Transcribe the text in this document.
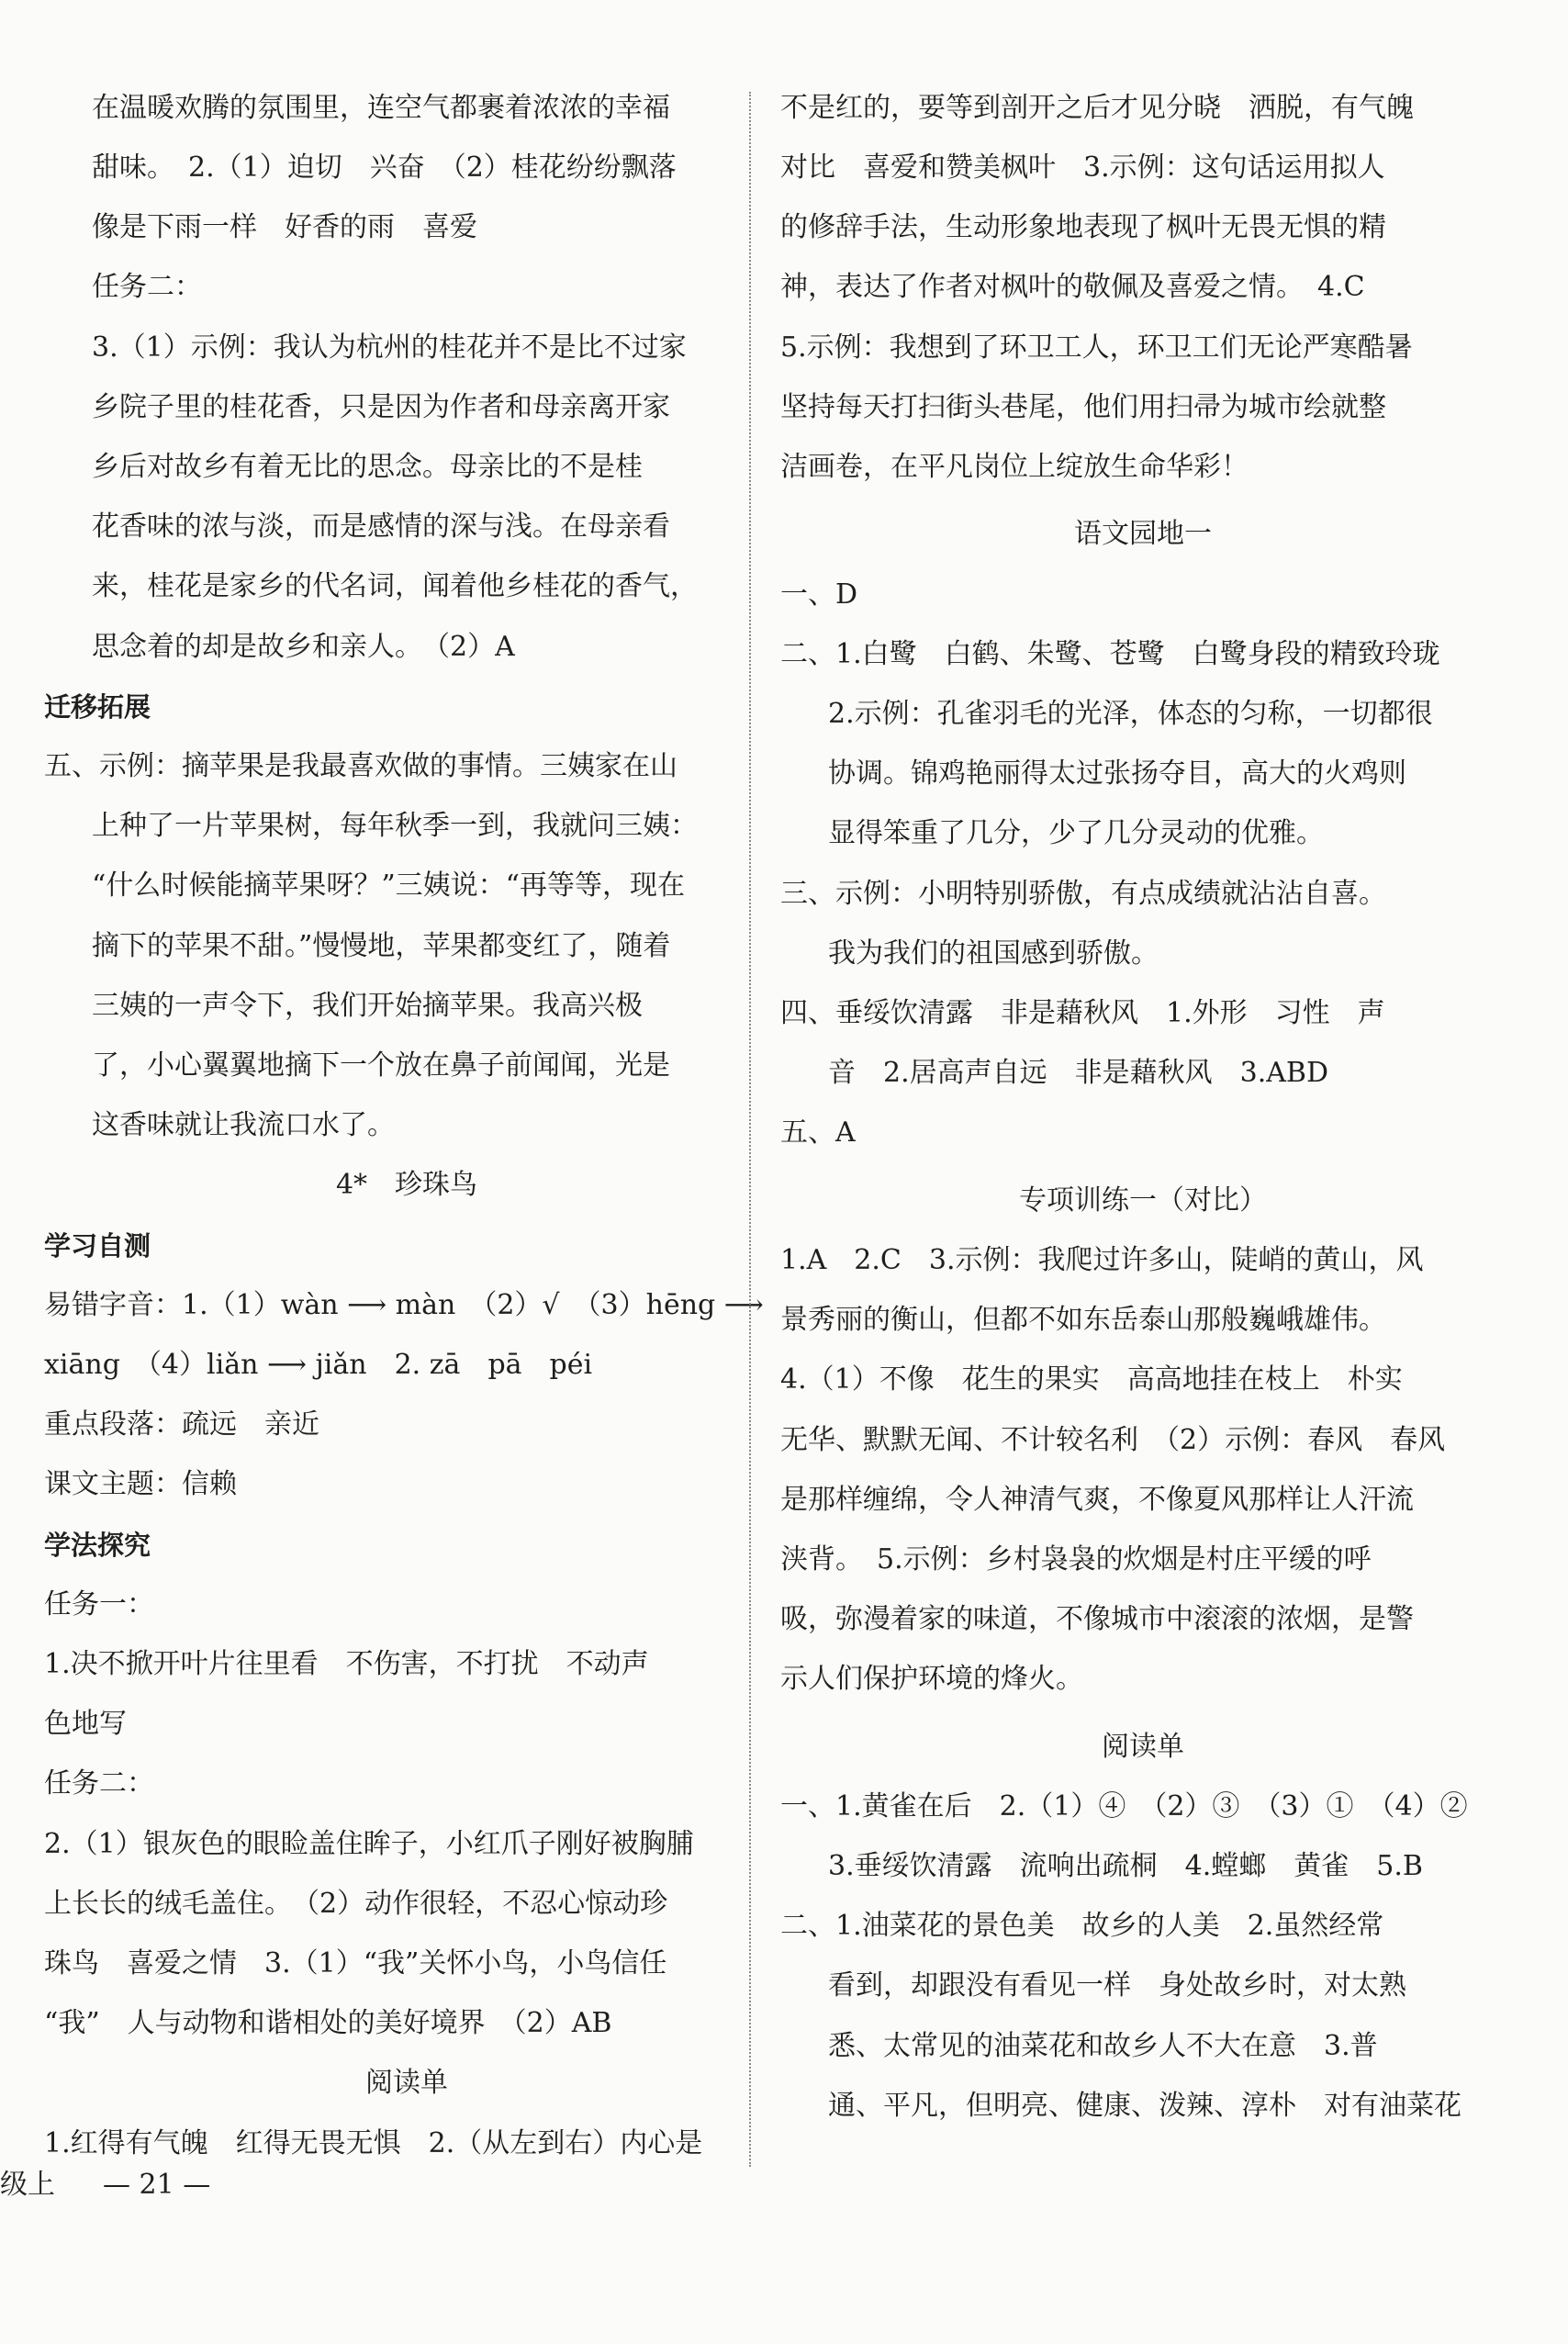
在温暖欢腾的氛围里，连空气都裹着浓浓的幸福
甜味。　2.（1）迫切　兴奋　（2）桂花纷纷飘落
像是下雨一样　好香的雨　喜爱
任务二：
3.（1）示例：我认为杭州的桂花并不是比不过家
乡院子里的桂花香，只是因为作者和母亲离开家
乡后对故乡有着无比的思念。母亲比的不是桂
花香味的浓与淡，而是感情的深与浅。在母亲看
来，桂花是家乡的代名词，闻着他乡桂花的香气，
思念着的却是故乡和亲人。　（2）A
迁移拓展
五、示例：摘苹果是我最喜欢做的事情。三姨家在山
上种了一片苹果树，每年秋季一到，我就问三姨：
“什么时候能摘苹果呀？”三姨说：“再等等，现在
摘下的苹果不甜。”慢慢地，苹果都变红了，随着
三姨的一声令下，我们开始摘苹果。我高兴极
了，小心翼翼地摘下一个放在鼻子前闻闻，光是
这香味就让我流口水了。
4*　珍珠鸟
学习自测
易错字音：1.（1）wàn ⟶ màn　（2）√　（3）hēng ⟶
xiāng　（4）liǎn ⟶ jiǎn　2. zā　pā　péi
重点段落：疏远　亲近
课文主题：信赖
学法探究
任务一：
1.决不掀开叶片往里看　不伤害，不打扰　不动声
色地写
任务二：
2.（1）银灰色的眼睑盖住眸子，小红爪子刚好被胸脯
上长长的绒毛盖住。　（2）动作很轻，不忍心惊动珍
珠鸟　喜爱之情　3.（1）“我”关怀小鸟，小鸟信任
“我”　人与动物和谐相处的美好境界　（2）AB
阅读单
1.红得有气魄　红得无畏无惧　2.（从左到右）内心是
不是红的，要等到剖开之后才见分晓　洒脱，有气魄
对比　喜爱和赞美枫叶　3.示例：这句话运用拟人
的修辞手法，生动形象地表现了枫叶无畏无惧的精
神，表达了作者对枫叶的敬佩及喜爱之情。　4.C
5.示例：我想到了环卫工人，环卫工们无论严寒酷暑
坚持每天打扫街头巷尾，他们用扫帚为城市绘就整
洁画卷，在平凡岗位上绽放生命华彩！
语文园地一
一、D
二、1.白鹭　白鹤、朱鹭、苍鹭　白鹭身段的精致玲珑
2.示例：孔雀羽毛的光泽，体态的匀称，一切都很
协调。锦鸡艳丽得太过张扬夺目，高大的火鸡则
显得笨重了几分，少了几分灵动的优雅。
三、示例：小明特别骄傲，有点成绩就沾沾自喜。
我为我们的祖国感到骄傲。
四、垂绥饮清露　非是藉秋风　1.外形　习性　声
音　2.居高声自远　非是藉秋风　3.ABD
五、A
专项训练一（对比）
1.A　2.C　3.示例：我爬过许多山，陡峭的黄山，风
景秀丽的衡山，但都不如东岳泰山那般巍峨雄伟。
4.（1）不像　花生的果实　高高地挂在枝上　朴实
无华、默默无闻、不计较名利　（2）示例：春风　春风
是那样缠绵，令人神清气爽，不像夏风那样让人汗流
浃背。　5.示例：乡村袅袅的炊烟是村庄平缓的呼
吸，弥漫着家的味道，不像城市中滚滚的浓烟，是警
示人们保护环境的烽火。
阅读单
一、1.黄雀在后　2.（1）④　（2）③　（3）①　（4）②
3.垂绥饮清露　流响出疏桐　4.螳螂　黄雀　5.B
二、1.油菜花的景色美　故乡的人美　2.虽然经常
看到，却跟没有看见一样　身处故乡时，对太熟
悉、太常见的油菜花和故乡人不大在意　3.普
通、平凡，但明亮、健康、泼辣、淳朴　对有油菜花
级上 — 21 —
